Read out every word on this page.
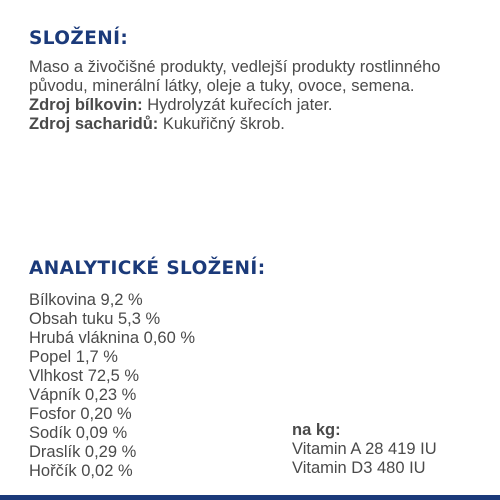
SLOŽENÍ:

Maso a živočišné produkty, vedlejší produkty rostlinného původu, minerální látky, oleje a tuky, ovoce, semena.

Zdroj bílkovin: Hydrolyzát kuřecích jater.

Zdroj sacharidů: Kukuřičný škrob.

ANALYTICKÉ SLOŽENÍ:
Bílkovina 9,2 %
Obsah tuku 5,3 %
Hrubá vláknina 0,60 %
Popel 1,7 %
Vlhkost 72,5 %
Vápník 0,23 %
Fosfor 0,20 %
Sodík 0,09 %
Draslík 0,29 %
Hořčík 0,02 %

na kg:

Vitamin A 28 419 IU
Vitamin D3 480 IU
